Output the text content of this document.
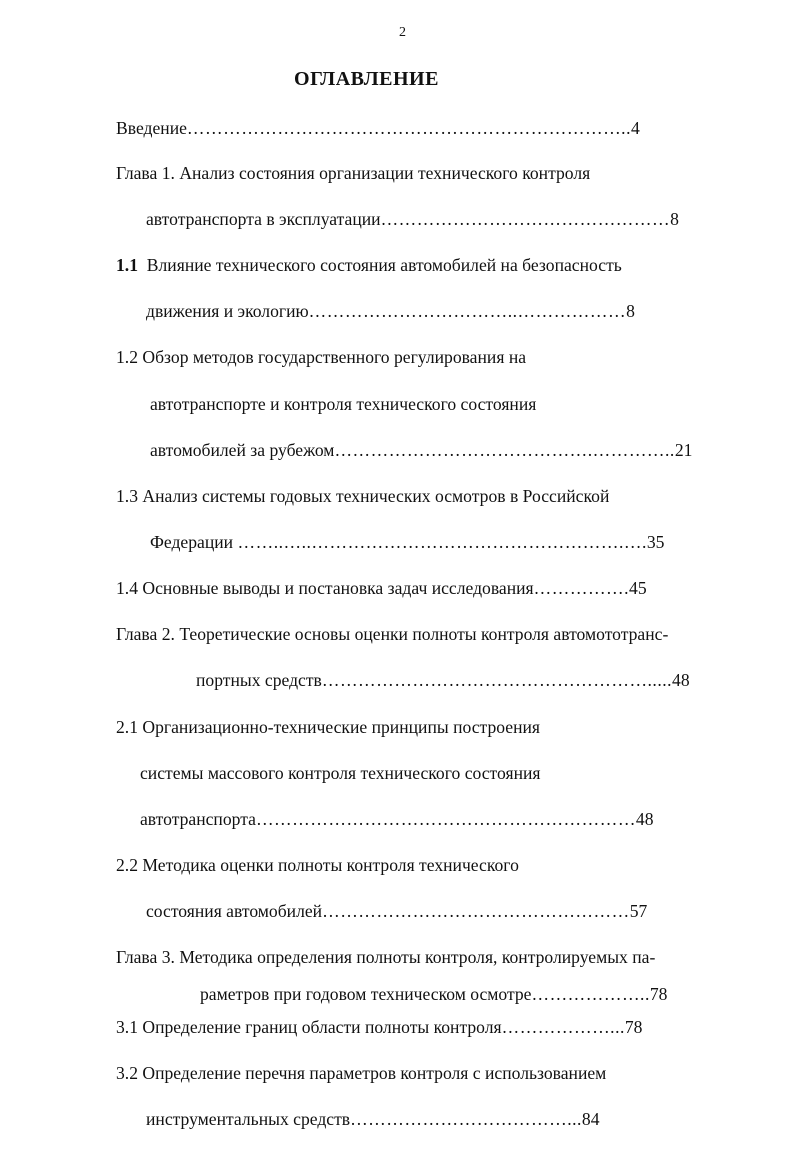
2
ОГЛАВЛЕНИЕ
Введение………………………………………………………………..4
Глава 1. Анализ состояния организации технического контроля
автотранспорта в эксплуатации…………………………………………8
1.1 Влияние технического состояния автомобилей на безопасность
движения и экологию……………………………..………………8
1.2 Обзор методов государственного регулирования на
автотранспорте и контроля технического состояния
автомобилей за рубежом…………………………………….…………..21
1.3 Анализ системы годовых технических осмотров в Российской
Федерации ……..…..…………………………………………….….35
1.4 Основные выводы и постановка задач исследования…………….45
Глава 2. Теоретические основы оценки полноты контроля автомототранс-
портных средств……………………………………………….....48
2.1 Организационно-технические принципы построения
системы массового контроля технического состояния
автотранспорта………………………………………………………48
2.2 Методика оценки полноты контроля технического
состояния автомобилей……………………………………………57
Глава 3. Методика определения полноты контроля, контролируемых па-
раметров при годовом техническом осмотре………………..78
3.1 Определение границ области полноты контроля………………...78
3.2 Определение перечня параметров контроля с использованием
инструментальных средств………………………………...84
